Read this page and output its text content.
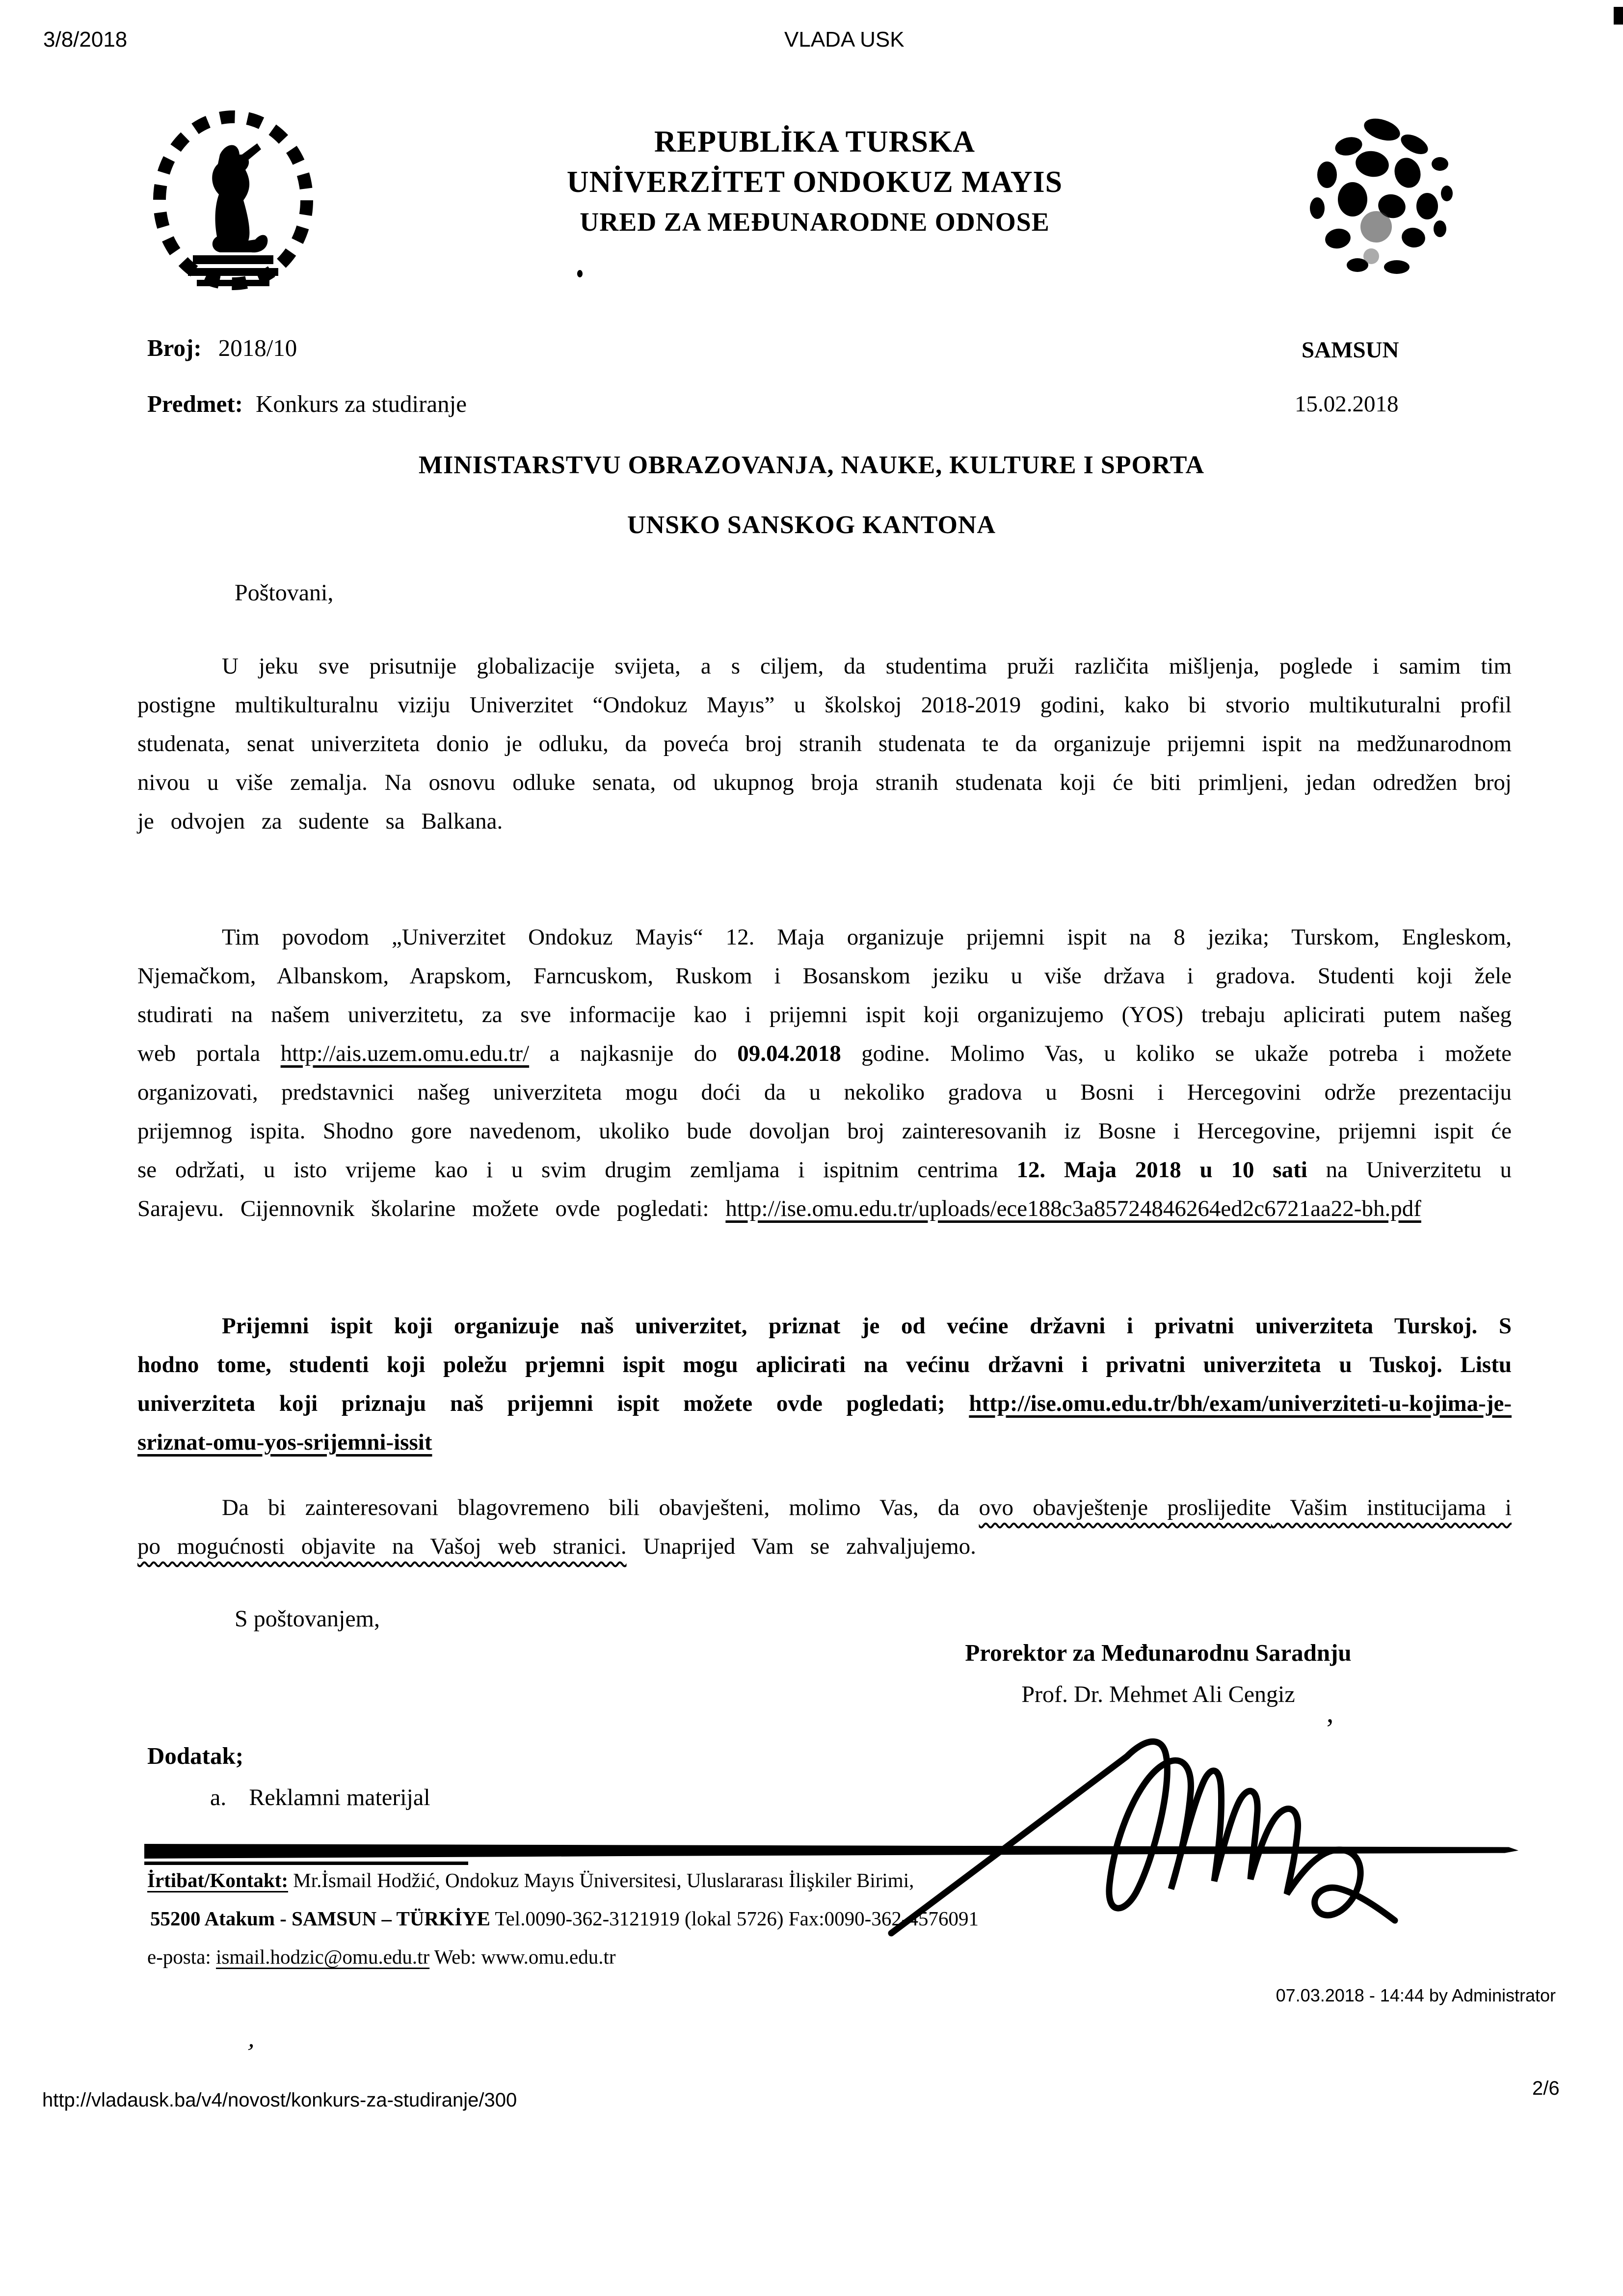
3/8/2018	VLADA USK
REPUBLİKA TURSKA
UNİVERZİTET ONDOKUZ MAYIS
URED ZA MEĐUNARODNE ODNOSE
Broj: 2018/10	SAMSUN
Predmet: Konkurs za studiranje	15.02.2018
MINISTARSTVU OBRAZOVANJA, NAUKE, KULTURE I SPORTA
UNSKO SANSKOG KANTONA
Poštovani,

U jeku sve prisutnije globalizacije svijeta, a s ciljem, da studentima pruži različita mišljenja, poglede i samim tim postigne multikulturalnu viziju Univerzitet “Ondokuz Mayıs” u školskoj 2018-2019 godini, kako bi stvorio multikuturalni profil studenata, senat univerziteta donio je odluku, da poveća broj stranih studenata te da organizuje prijemni ispit na medžunarodnom nivou u više zemalja. Na osnovu odluke senata, od ukupnog broja stranih studenata koji će biti primljeni, jedan odredžen broj je odvojen za sudente sa Balkana.

Tim povodom „Univerzitet Ondokuz Mayis“ 12. Maja organizuje prijemni ispit na 8 jezika; Turskom, Engleskom, Njemačkom, Albanskom, Arapskom, Farncuskom, Ruskom i Bosanskom jeziku u više država i gradova. Studenti koji žele studirati na našem univerzitetu, za sve informacije kao i prijemni ispit koji organizujemo (YOS) trebaju aplicirati putem našeg web portala http://ais.uzem.omu.edu.tr/ a najkasnije do 09.04.2018 godine. Molimo Vas, u koliko se ukaže potreba i možete organizovati, predstavnici našeg univerziteta mogu doći da u nekoliko gradova u Bosni i Hercegovini održe prezentaciju prijemnog ispita. Shodno gore navedenom, ukoliko bude dovoljan broj zainteresovanih iz Bosne i Hercegovine, prijemni ispit će se održati, u isto vrijeme kao i u svim drugim zemljama i ispitnim centrima 12. Maja 2018 u 10 sati na Univerzitetu u Sarajevu. Cijennovnik školarine možete ovde pogledati: http://ise.omu.edu.tr/uploads/ece188c3a85724846264ed2c6721aa22-bh.pdf

Prijemni ispit koji organizuje naš univerzitet, priznat je od većine državni i privatni univerziteta Turskoj. S hodno tome, studenti koji poležu prjemni ispit mogu aplicirati na većinu državni i privatni univerziteta u Tuskoj. Listu univerziteta koji priznaju naš prijemni ispit možete ovde pogledati; http://ise.omu.edu.tr/bh/exam/univerziteti-u-kojima-je-sriznat-omu-yos-srijemni-issit

Da bi zainteresovani blagovremeno bili obavješteni, molimo Vas, da ovo obavještenje proslijedite Vašim institucijama i po mogućnosti objavite na Vašoj web stranici. Unaprijed Vam se zahvaljujemo.

S poštovanjem,
Prorektor za Međunarodnu Saradnju
Prof. Dr. Mehmet Ali Cengiz
’
Dodatak;
a. Reklamni materijal
İrtibat/Kontakt: Mr.İsmail Hodžić, Ondokuz Mayıs Üniversitesi, Uluslararası İlişkiler Birimi,
55200 Atakum - SAMSUN – TÜRKİYE Tel.0090-362-3121919 (lokal 5726) Fax:0090-362-4576091
e-posta: ismail.hodzic@omu.edu.tr Web: www.omu.edu.tr
07.03.2018 - 14:44 by Administrator
’
http://vladausk.ba/v4/novost/konkurs-za-studiranje/300
2/6
